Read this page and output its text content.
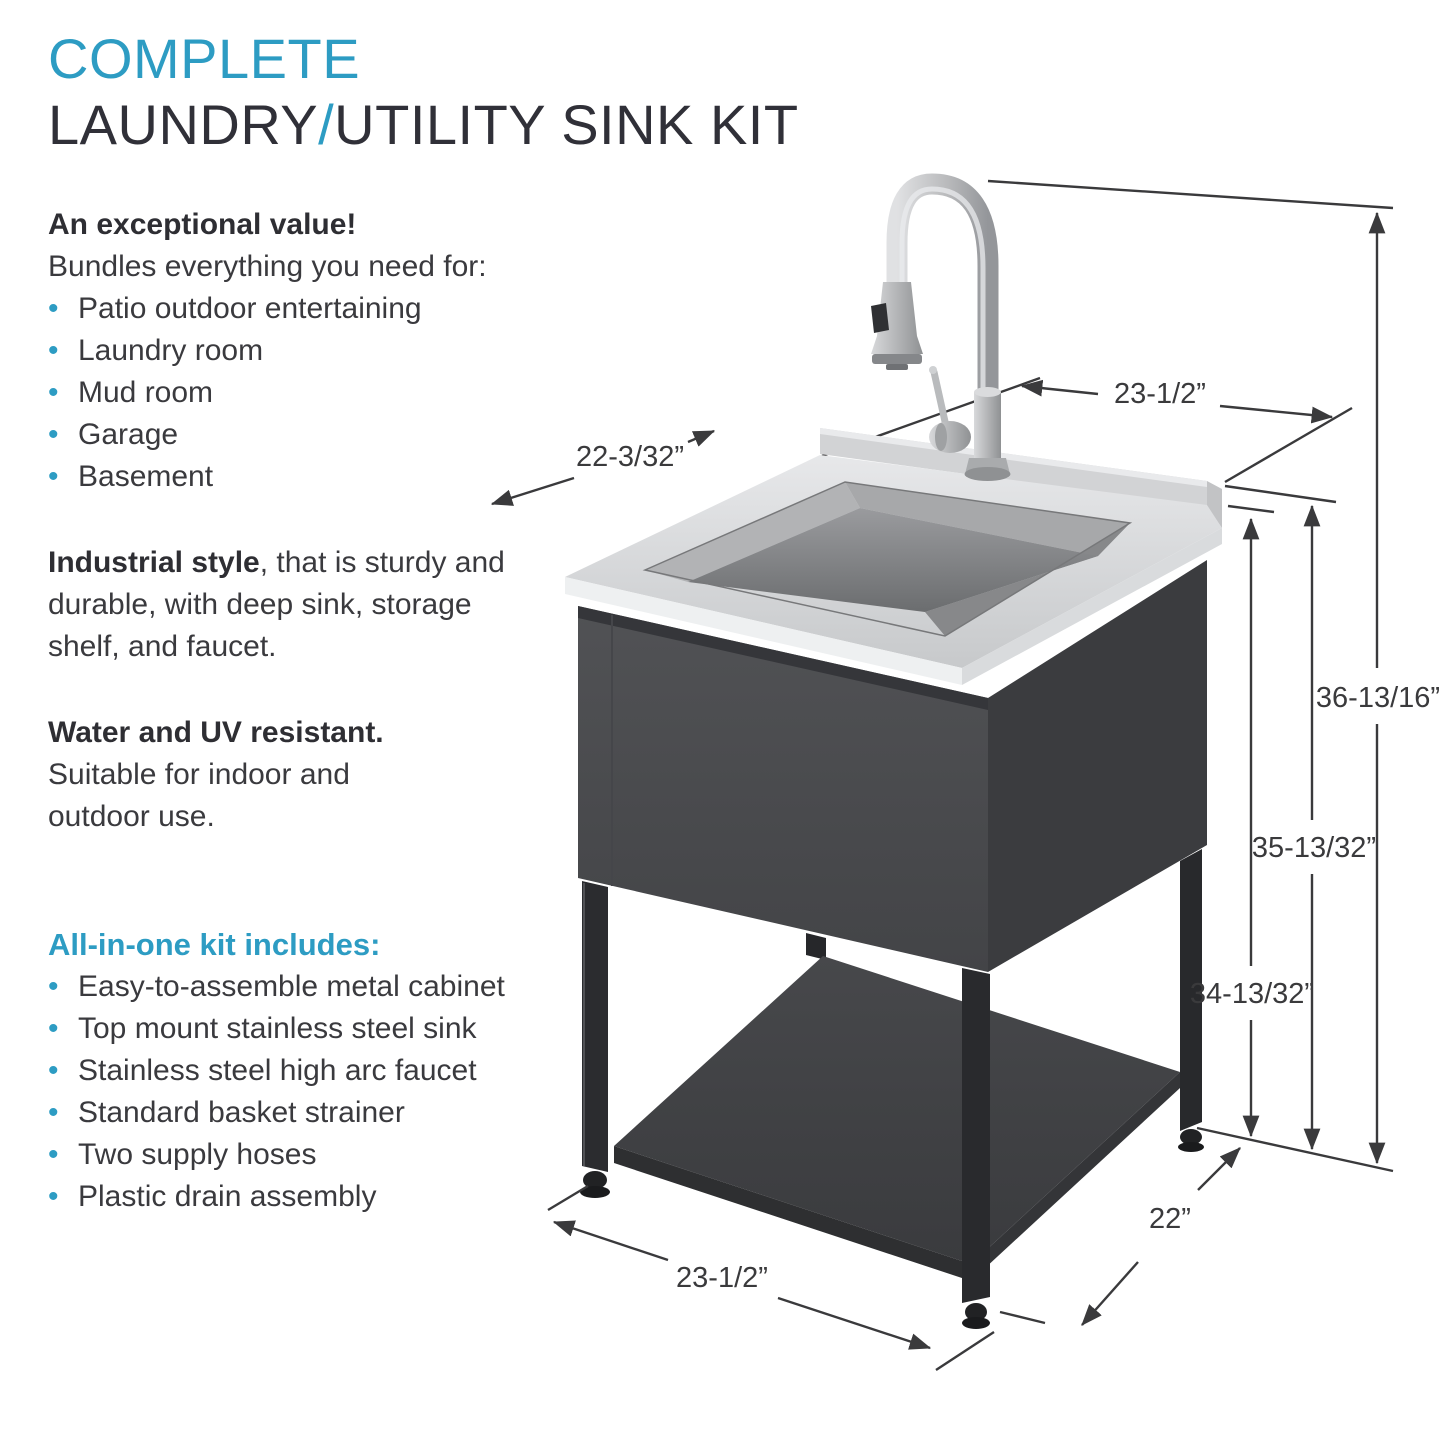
23-1/2”
22-3/32”
36-13/16”
35-13/32”
34-13/32”
23-1/2”
22”
COMPLETE
LAUNDRY/UTILITY SINK KIT
An exceptional value!
Bundles everything you need for:
• Patio outdoor entertaining
• Laundry room
• Mud room
• Garage
• Basement

Industrial style, that is sturdy and durable, with deep sink, storage shelf, and faucet.

Water and UV resistant. Suitable for indoor and outdoor use.

All-in-one kit includes:
• Easy-to-assemble metal cabinet
• Top mount stainless steel sink
• Stainless steel high arc faucet
• Standard basket strainer
• Two supply hoses
• Plastic drain assembly
